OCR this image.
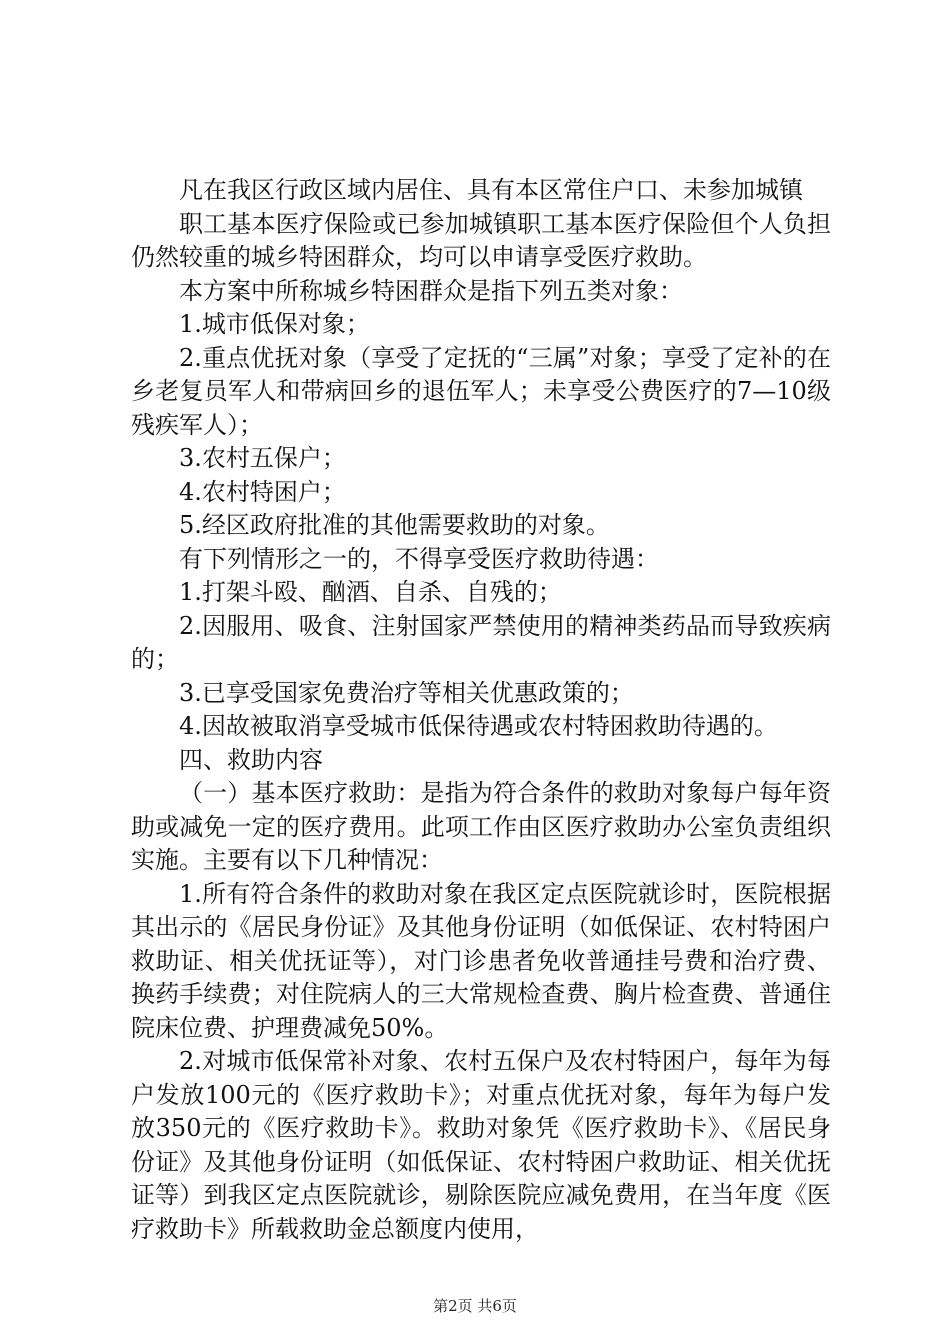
凡在我区行政区域内居住、具有本区常住户口、未参加城镇

职工基本医疗保险或已参加城镇职工基本医疗保险但个人负担仍然较重的城乡特困群众，均可以申请享受医疗救助。

本方案中所称城乡特困群众是指下列五类对象：

1.城市低保对象；

2.重点优抚对象（享受了定抚的“三属”对象；享受了定补的在乡老复员军人和带病回乡的退伍军人；未享受公费医疗的7—10级残疾军人）；

3.农村五保户；

4.农村特困户；

5.经区政府批准的其他需要救助的对象。

有下列情形之一的，不得享受医疗救助待遇：

1.打架斗殴、酗酒、自杀、自残的；

2.因服用、吸食、注射国家严禁使用的精神类药品而导致疾病的；

3.已享受国家免费治疗等相关优惠政策的；

4.因故被取消享受城市低保待遇或农村特困救助待遇的。

四、救助内容

（一）基本医疗救助：是指为符合条件的救助对象每户每年资助或减免一定的医疗费用。此项工作由区医疗救助办公室负责组织实施。主要有以下几种情况：

1.所有符合条件的救助对象在我区定点医院就诊时，医院根据其出示的《居民身份证》及其他身份证明（如低保证、农村特困户救助证、相关优抚证等），对门诊患者免收普通挂号费和治疗费、换药手续费；对住院病人的三大常规检查费、胸片检查费、普通住院床位费、护理费减免50%。

2.对城市低保常补对象、农村五保户及农村特困户，每年为每户发放100元的《医疗救助卡》；对重点优抚对象，每年为每户发放350元的《医疗救助卡》。救助对象凭《医疗救助卡》、《居民身份证》及其他身份证明（如低保证、农村特困户救助证、相关优抚证等）到我区定点医院就诊，剔除医院应减免费用，在当年度《医疗救助卡》所载救助金总额度内使用，

第2页 共6页
